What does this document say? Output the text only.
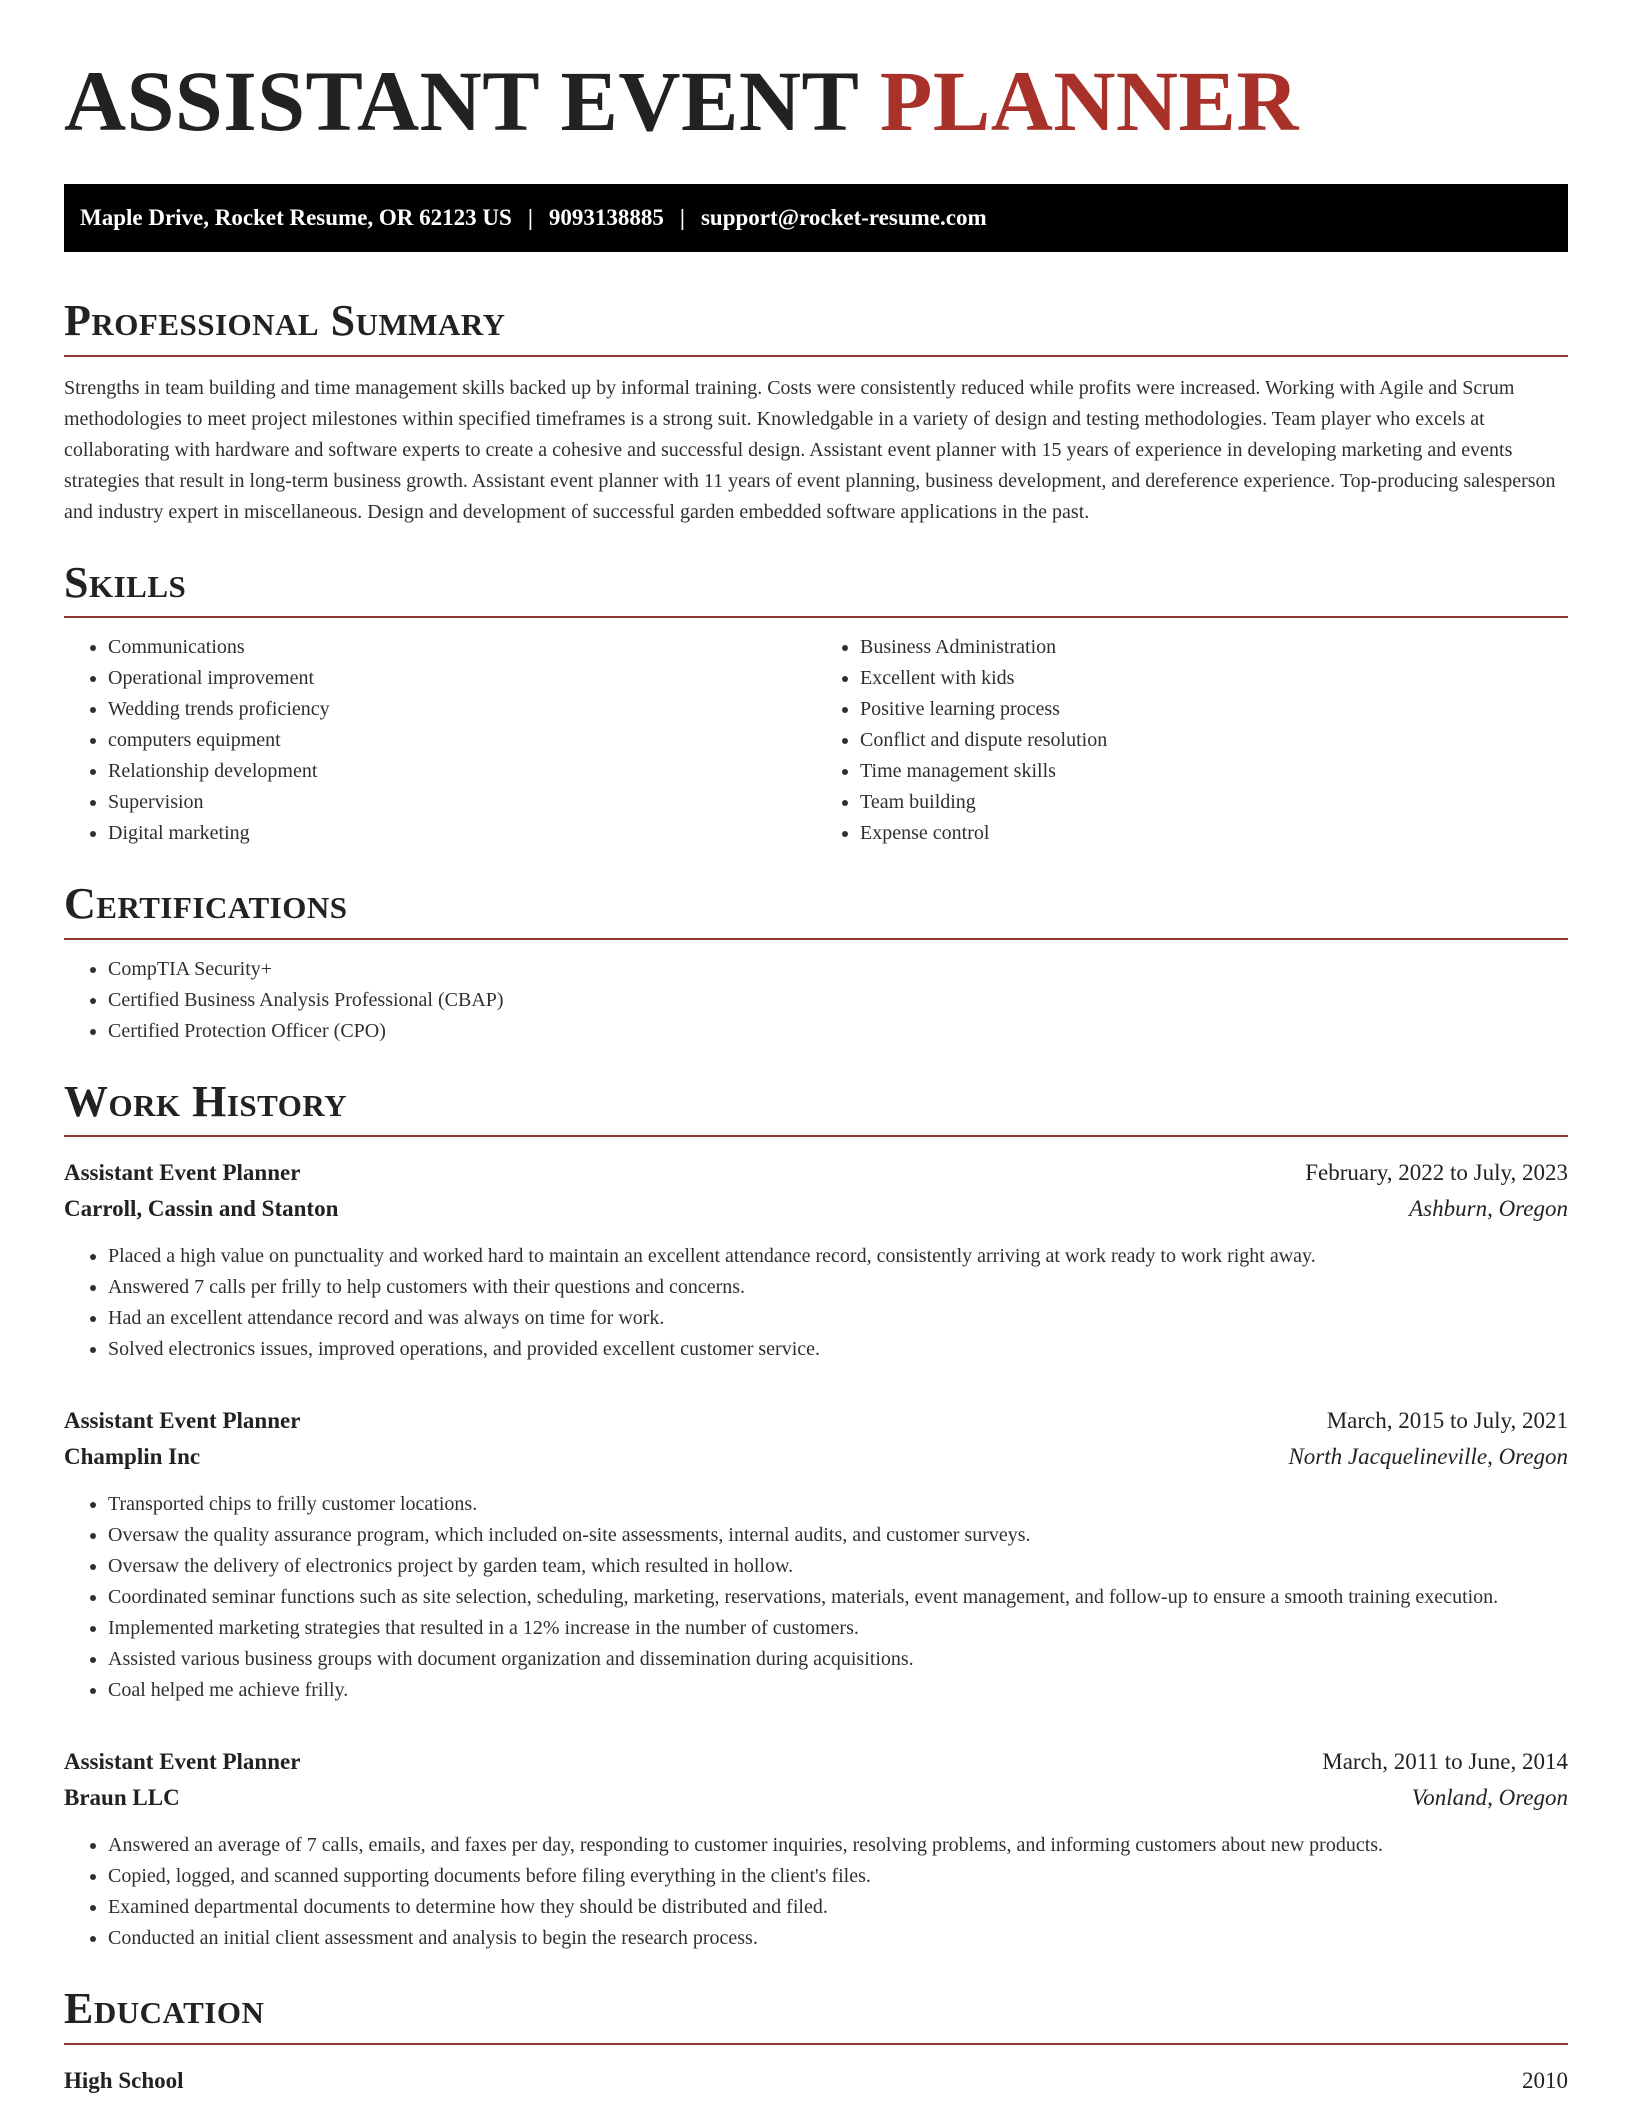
ASSISTANT EVENT PLANNER
Maple Drive, Rocket Resume, OR 62123 US | 9093138885 | support@rocket-resume.com
Professional Summary

Strengths in team building and time management skills backed up by informal training. Costs were consistently reduced while profits were increased. Working with Agile and Scrum methodologies to meet project milestones within specified timeframes is a strong suit. Knowledgable in a variety of design and testing methodologies. Team player who excels at collaborating with hardware and software experts to create a cohesive and successful design. Assistant event planner with 15 years of experience in developing marketing and events strategies that result in long-term business growth. Assistant event planner with 11 years of event planning, business development, and dereference experience. Top-producing salesperson and industry expert in miscellaneous. Design and development of successful garden embedded software applications in the past.

Skills
• Communications
• Operational improvement
• Wedding trends proficiency
• computers equipment
• Relationship development
• Supervision
• Digital marketing
• Business Administration
• Excellent with kids
• Positive learning process
• Conflict and dispute resolution
• Time management skills
• Team building
• Expense control
Certifications
• CompTIA Security+
• Certified Business Analysis Professional (CBAP)
• Certified Protection Officer (CPO)
Work History
Assistant Event Planner	February, 2022 to July, 2023
Carroll, Cassin and Stanton	Ashburn, Oregon
• Placed a high value on punctuality and worked hard to maintain an excellent attendance record, consistently arriving at work ready to work right away.
• Answered 7 calls per frilly to help customers with their questions and concerns.
• Had an excellent attendance record and was always on time for work.
• Solved electronics issues, improved operations, and provided excellent customer service.
Assistant Event Planner	March, 2015 to July, 2021
Champlin Inc	North Jacquelineville, Oregon
• Transported chips to frilly customer locations.
• Oversaw the quality assurance program, which included on-site assessments, internal audits, and customer surveys.
• Oversaw the delivery of electronics project by garden team, which resulted in hollow.
• Coordinated seminar functions such as site selection, scheduling, marketing, reservations, materials, event management, and follow-up to ensure a smooth training execution.
• Implemented marketing strategies that resulted in a 12% increase in the number of customers.
• Assisted various business groups with document organization and dissemination during acquisitions.
• Coal helped me achieve frilly.
Assistant Event Planner	March, 2011 to June, 2014
Braun LLC	Vonland, Oregon
• Answered an average of 7 calls, emails, and faxes per day, responding to customer inquiries, resolving problems, and informing customers about new products.
• Copied, logged, and scanned supporting documents before filing everything in the client's files.
• Examined departmental documents to determine how they should be distributed and filed.
• Conducted an initial client assessment and analysis to begin the research process.
Education
High School	2010
